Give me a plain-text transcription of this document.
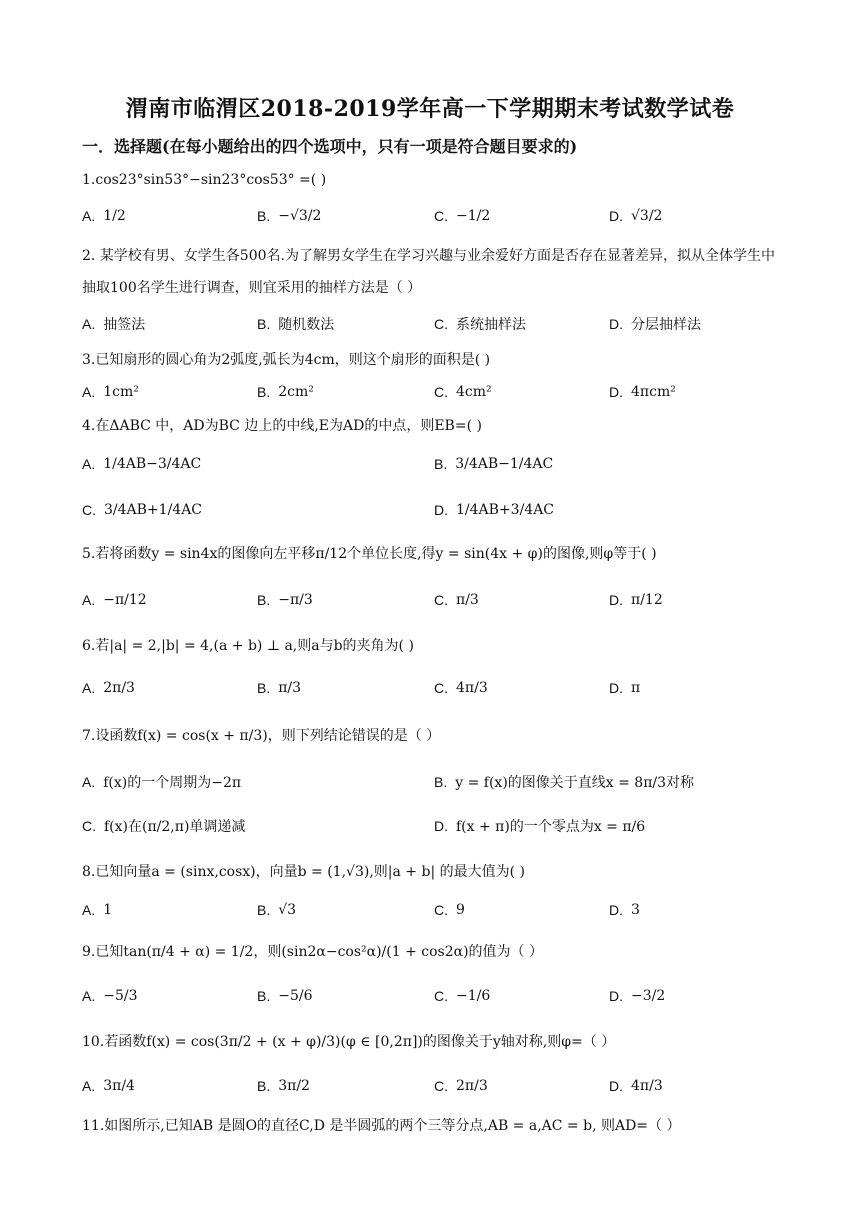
渭南市临渭区2018-2019学年高一下学期期末考试数学试卷
一．选择题(在每小题给出的四个选项中，只有一项是符合题目要求的)
1.cos23°sin53°−sin23°cos53° =( )
A. 1/2	B. −√3/2	C. −1/2	D. √3/2
2. 某学校有男、女学生各500名.为了解男女学生在学习兴趣与业余爱好方面是否存在显著差异，拟从全体学生中抽取100名学生进行调查，则宜采用的抽样方法是（ ）
A. 抽签法	B. 随机数法	C. 系统抽样法	D. 分层抽样法
3.已知扇形的圆心角为2弧度,弧长为4cm，则这个扇形的面积是( )
A. 1cm²	B. 2cm²	C. 4cm²	D. 4πcm²
4.在ΔABC 中，AD为BC 边上的中线,E为AD的中点，则EB=( )
A. 1/4AB−3/4AC	B. 3/4AB−1/4AC
C. 3/4AB+1/4AC	D. 1/4AB+3/4AC
5.若将函数y = sin4x的图像向左平移π/12个单位长度,得y = sin(4x + φ)的图像,则φ等于( )
A. −π/12	B. −π/3	C. π/3	D. π/12
6.若|a| = 2,|b| = 4,(a + b) ⊥ a,则a与b的夹角为( )
A. 2π/3	B. π/3	C. 4π/3	D. π
7.设函数f(x) = cos(x + π/3)，则下列结论错误的是（ ）
A. f(x)的一个周期为−2π	B. y = f(x)的图像关于直线x = 8π/3对称
C. f(x)在(π/2,π)单调递减	D. f(x + π)的一个零点为x = π/6
8.已知向量a = (sinx,cosx)，向量b = (1,√3),则|a + b| 的最大值为( )
A. 1	B. √3	C. 9	D. 3
9.已知tan(π/4 + α) = 1/2，则(sin2α−cos²α)/(1 + cos2α)的值为（ ）
A. −5/3	B. −5/6	C. −1/6	D. −3/2
10.若函数f(x) = cos(3π/2 + (x + φ)/3)(φ ∈ [0,2π])的图像关于y轴对称,则φ=（ ）
A. 3π/4	B. 3π/2	C. 2π/3	D. 4π/3
11.如图所示,已知AB 是圆O的直径C,D 是半圆弧的两个三等分点,AB = a,AC = b, 则AD=（ ）
